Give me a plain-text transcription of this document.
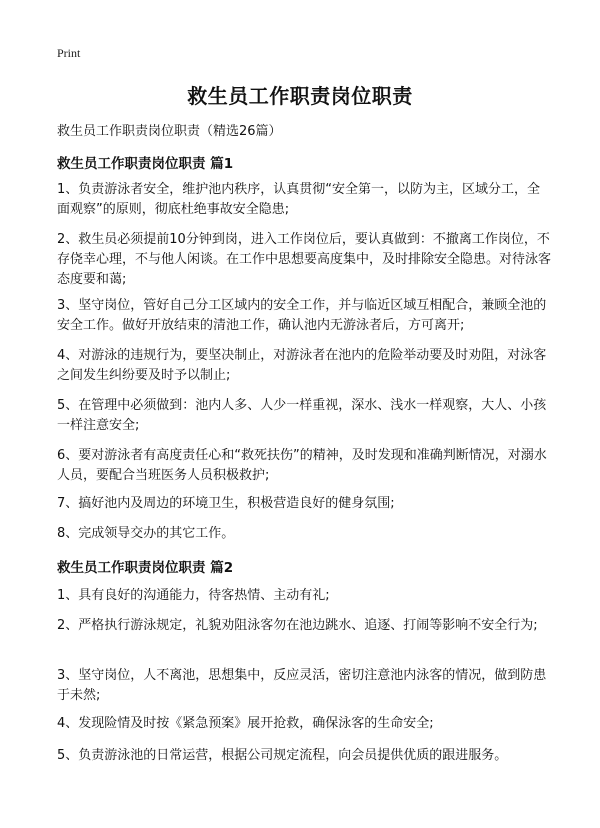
Print
救生员工作职责岗位职责
救生员工作职责岗位职责（精选26篇）
救生员工作职责岗位职责 篇1
1、负责游泳者安全，维护池内秩序，认真贯彻“安全第一，以防为主，区域分工，全面观察”的原则，彻底杜绝事故安全隐患;
2、救生员必须提前10分钟到岗，进入工作岗位后，要认真做到：不撤离工作岗位，不存侥幸心理，不与他人闲谈。在工作中思想要高度集中，及时排除安全隐患。对待泳客态度要和蔼;
3、坚守岗位，管好自己分工区域内的安全工作，并与临近区域互相配合，兼顾全池的安全工作。做好开放结束的清池工作，确认池内无游泳者后，方可离开;
4、对游泳的违规行为，要坚决制止，对游泳者在池内的危险举动要及时劝阻，对泳客之间发生纠纷要及时予以制止;
5、在管理中必须做到：池内人多、人少一样重视，深水、浅水一样观察，大人、小孩一样注意安全;
6、要对游泳者有高度责任心和“救死扶伤”的精神，及时发现和准确判断情况，对溺水人员，要配合当班医务人员积极救护;
7、搞好池内及周边的环境卫生，积极营造良好的健身氛围;
8、完成领导交办的其它工作。
救生员工作职责岗位职责 篇2
1、具有良好的沟通能力，待客热情、主动有礼;
2、严格执行游泳规定，礼貌劝阻泳客勿在池边跳水、追逐、打闹等影响不安全行为;
3、坚守岗位，人不离池，思想集中，反应灵活，密切注意池内泳客的情况，做到防患于未然;
4、发现险情及时按《紧急预案》展开抢救，确保泳客的生命安全;
5、负责游泳池的日常运营，根据公司规定流程，向会员提供优质的跟进服务。
